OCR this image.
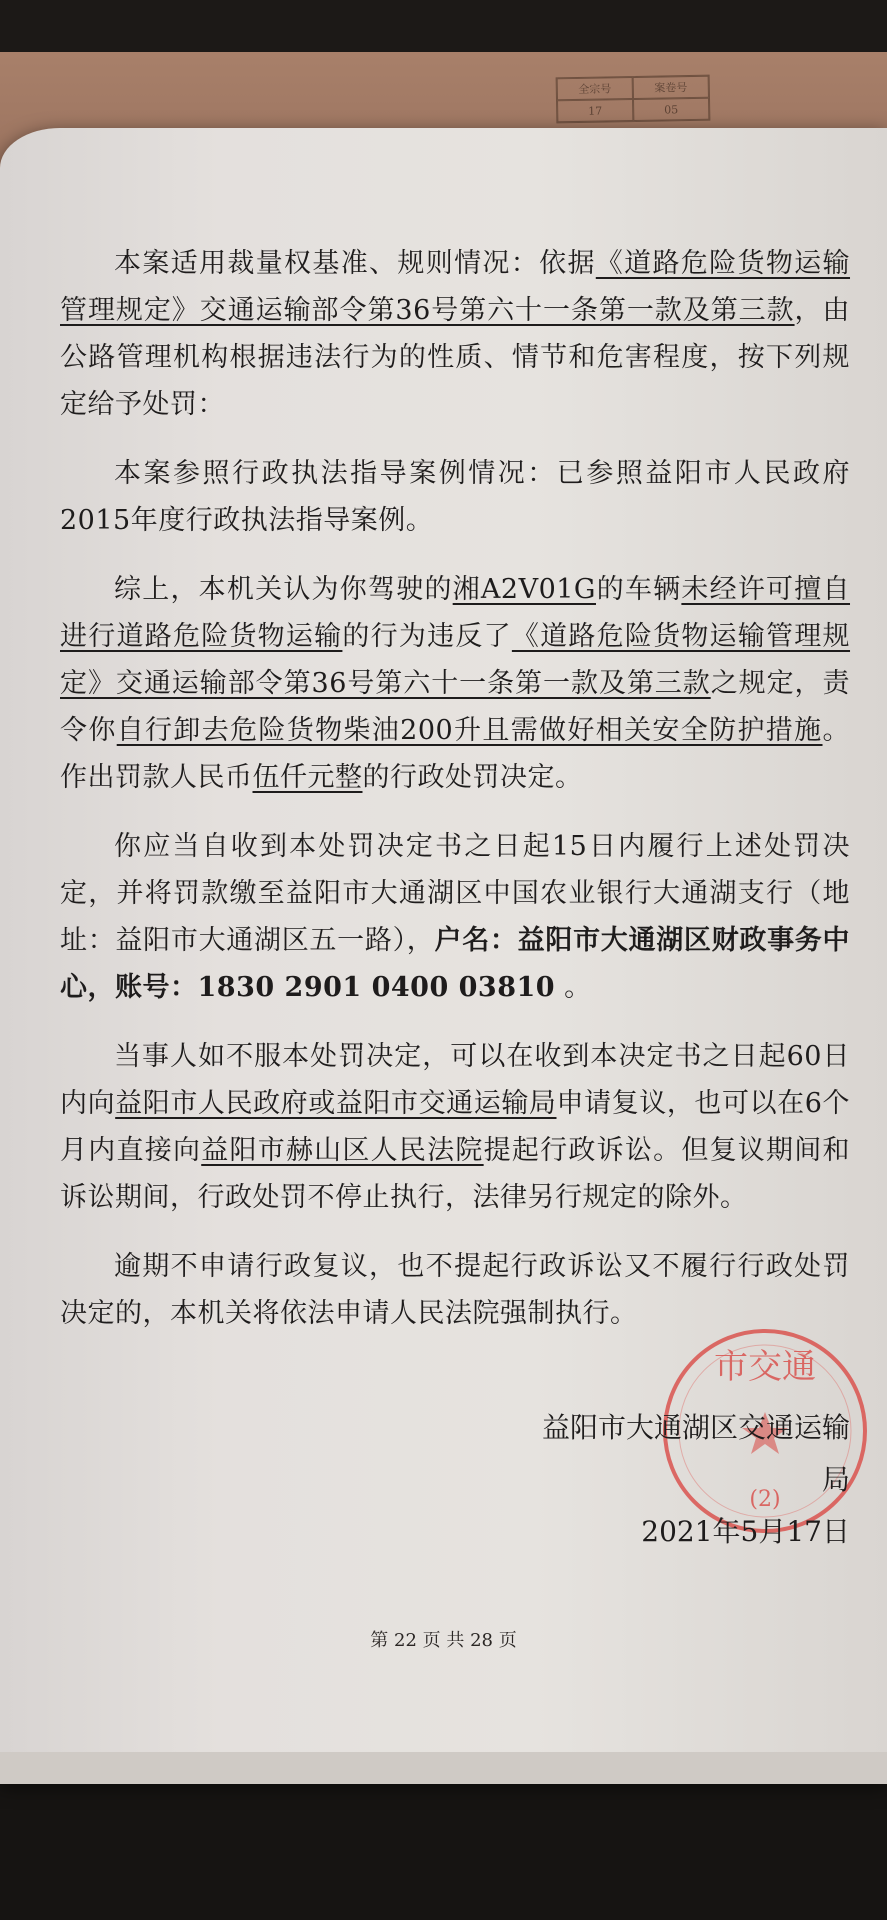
全宗号	案卷号
17	05

本案适用裁量权基准、规则情况：依据《道路危险货物运输管理规定》交通运输部令第36号第六十一条第一款及第三款，由公路管理机构根据违法行为的性质、情节和危害程度，按下列规定给予处罚：

本案参照行政执法指导案例情况：已参照益阳市人民政府2015年度行政执法指导案例。

综上，本机关认为你驾驶的湘A2V01G的车辆未经许可擅自进行道路危险货物运输的行为违反了《道路危险货物运输管理规定》交通运输部令第36号第六十一条第一款及第三款之规定，责令你自行卸去危险货物柴油200升且需做好相关安全防护措施。作出罚款人民币伍仟元整的行政处罚决定。

你应当自收到本处罚决定书之日起15日内履行上述处罚决定，并将罚款缴至益阳市大通湖区中国农业银行大通湖支行（地址：益阳市大通湖区五一路），户名：益阳市大通湖区财政事务中心，账号：1830 2901 0400 03810 。

当事人如不服本处罚决定，可以在收到本决定书之日起60日内向益阳市人民政府或益阳市交通运输局申请复议，也可以在6个月内直接向益阳市赫山区人民法院提起行政诉讼。但复议期间和诉讼期间，行政处罚不停止执行，法律另行规定的除外。

逾期不申请行政复议，也不提起行政诉讼又不履行行政处罚决定的，本机关将依法申请人民法院强制执行。

市交通
(2)
益阳市大通湖区交通运输局
2021年5月17日
第 22 页 共 28 页
